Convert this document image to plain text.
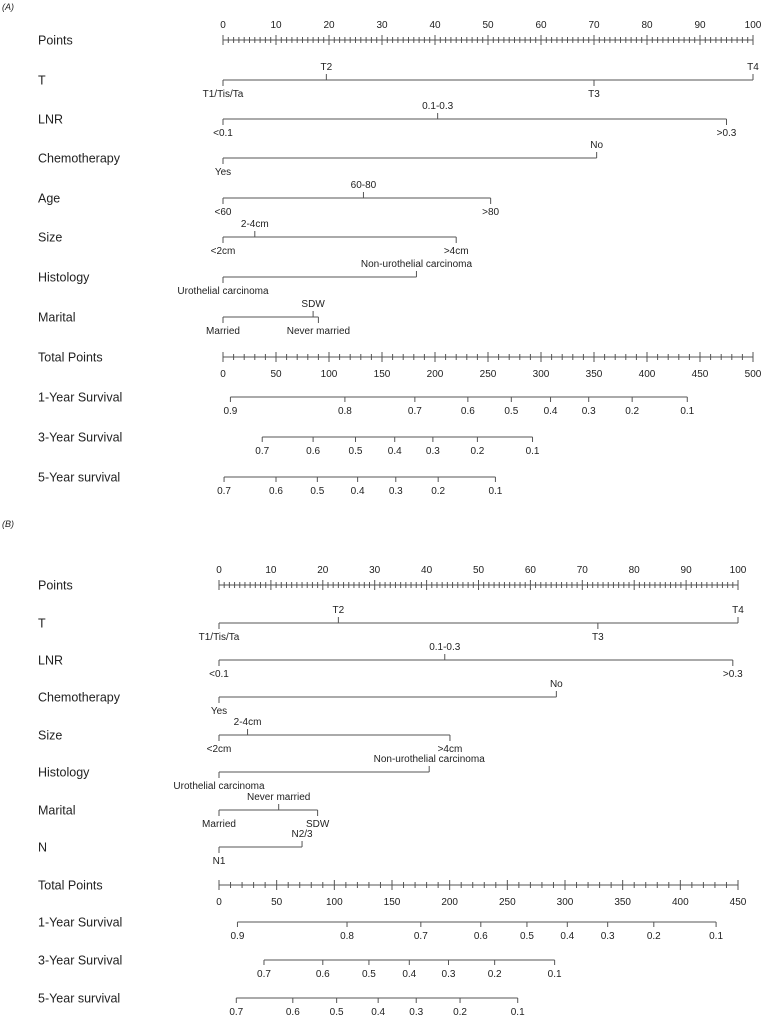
(A)
Points
0	10	20	30	40	50	60	70	80	90	100
T
T1/Tis/Ta
T2
T3
T4
LNR
<0.1
0.1-0.3
>0.3
Chemotherapy
Yes
No
Age
<60
60-80
>80
Size
<2cm
2-4cm
>4cm
Histology
Urothelial carcinoma
Non-urothelial carcinoma
Marital
Married
SDW
Never married
Total Points
0	50	100	150	200	250	300	350	400	450	500
1-Year Survival
0.9	0.8	0.7	0.6	0.5	0.4 0.3	0.2	0.1
3-Year Survival
0.7	0.6	0.5	0.4 0.3	0.2	0.1
5-Year survival
0.7	0.6	0.5	0.4 0.3	0.2	0.1
(B)
Points
0	10	20	30	40	50	60	70	80	90	100
T
T1/Tis/Ta
T2
T3
T4
LNR
<0.1
0.1-0.3
>0.3
Chemotherapy
Yes
No
Size
<2cm
2-4cm
>4cm
Histology
Urothelial carcinoma
Non-urothelial carcinoma
Marital
Married
Never married
SDW
N
N1
N2/3
Total Points
0	50	100	150	200	250	300	350	400	450
1-Year Survival
0.9	0.8	0.7	0.6	0.5	0.4	0.3	0.2	0.1
3-Year Survival
0.7	0.6	0.5	0.4	0.3	0.2	0.1
5-Year survival
0.7	0.6	0.5	0.4 0.3	0.2	0.1
